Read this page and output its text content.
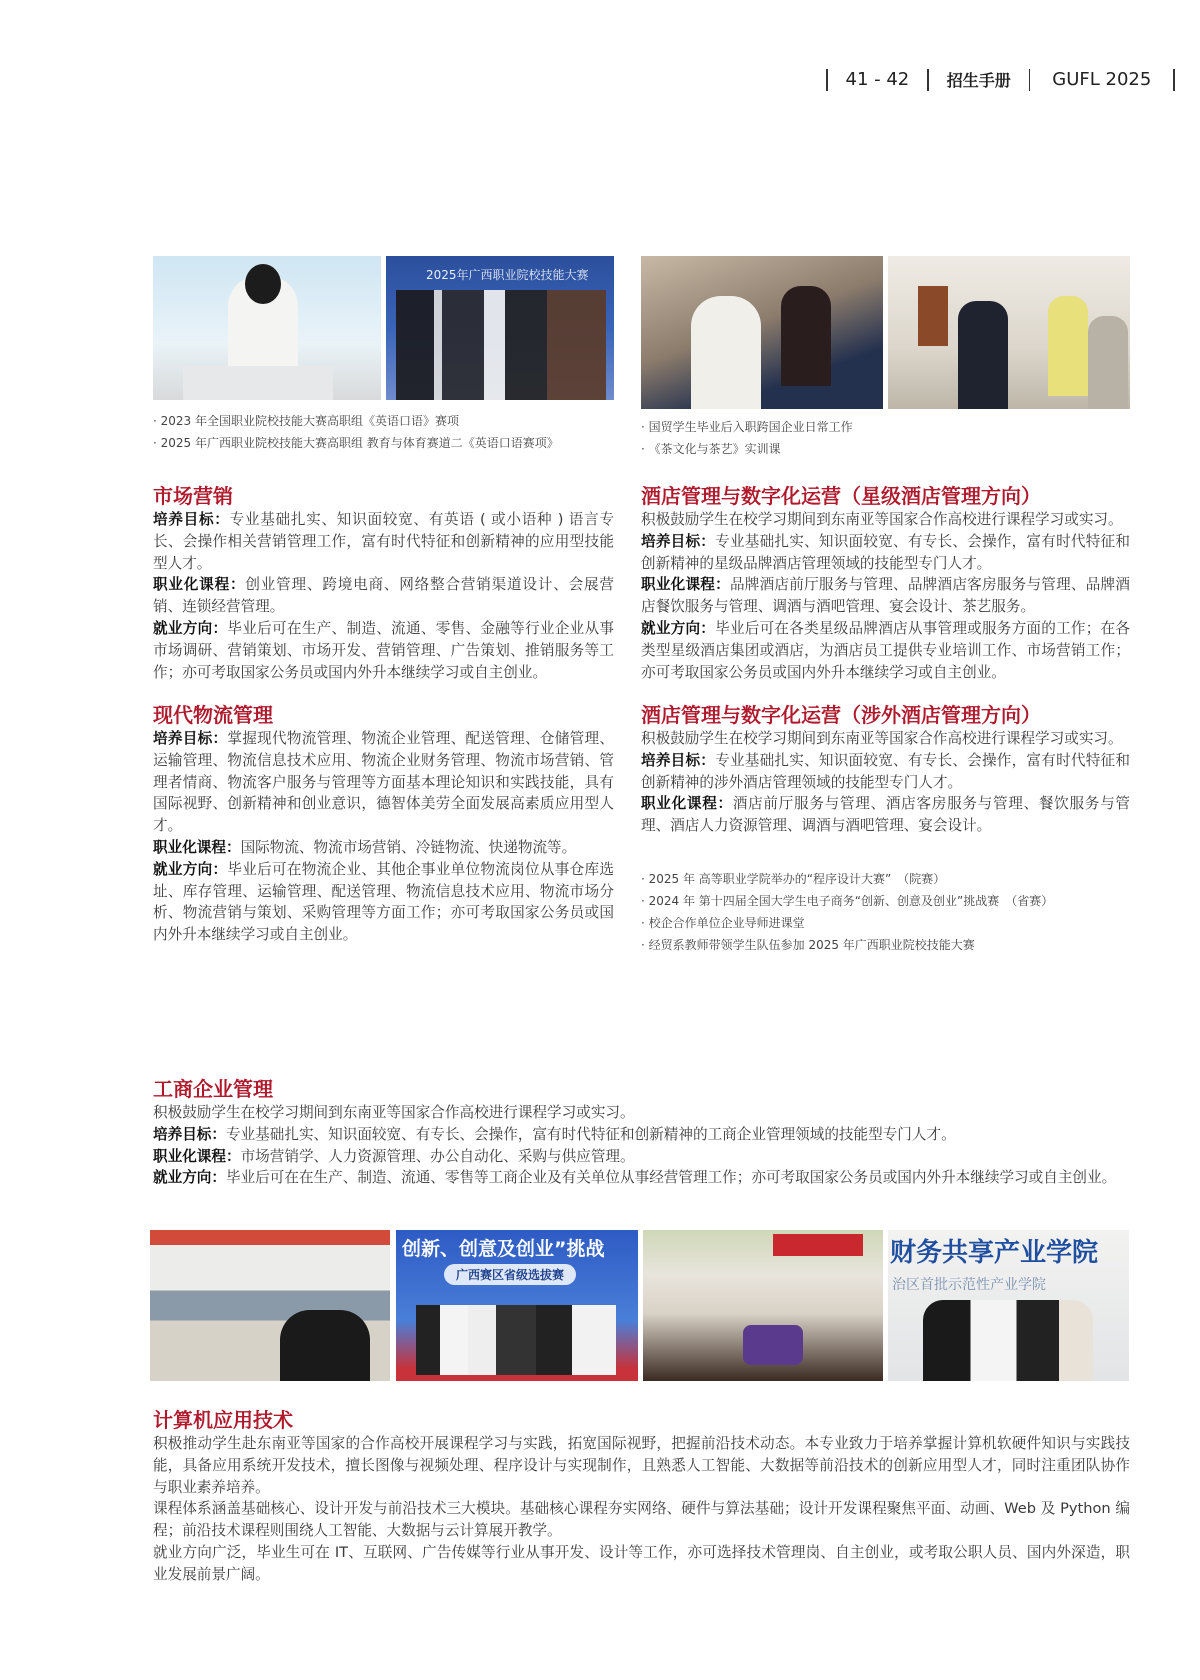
41 - 42	招生手册	GUFL 2025
2025年广西职业院校技能大赛
· 2023 年全国职业院校技能大赛高职组《英语口语》赛项
· 2025 年广西职业院校技能大赛高职组 教育与体育赛道二《英语口语赛项》
· 国贸学生毕业后入职跨国企业日常工作
· 《茶文化与茶艺》实训课
市场营销

培养目标：专业基础扎实、知识面较宽、有英语 ( 或小语种 ) 语言专长、会操作相关营销管理工作，富有时代特征和创新精神的应用型技能型人才。

职业化课程：创业管理、跨境电商、网络整合营销渠道设计、会展营销、连锁经营管理。

就业方向：毕业后可在生产、制造、流通、零售、金融等行业企业从事市场调研、营销策划、市场开发、营销管理、广告策划、推销服务等工作；亦可考取国家公务员或国内外升本继续学习或自主创业。

酒店管理与数字化运营（星级酒店管理方向）

积极鼓励学生在校学习期间到东南亚等国家合作高校进行课程学习或实习。

培养目标：专业基础扎实、知识面较宽、有专长、会操作，富有时代特征和创新精神的星级品牌酒店管理领域的技能型专门人才。

职业化课程：品牌酒店前厅服务与管理、品牌酒店客房服务与管理、品牌酒店餐饮服务与管理、调酒与酒吧管理、宴会设计、茶艺服务。

就业方向：毕业后可在各类星级品牌酒店从事管理或服务方面的工作；在各类型星级酒店集团或酒店，为酒店员工提供专业培训工作、市场营销工作；亦可考取国家公务员或国内外升本继续学习或自主创业。

现代物流管理

培养目标：掌握现代物流管理、物流企业管理、配送管理、仓储管理、运输管理、物流信息技术应用、物流企业财务管理、物流市场营销、管理者情商、物流客户服务与管理等方面基本理论知识和实践技能，具有国际视野、创新精神和创业意识，德智体美劳全面发展高素质应用型人才。

职业化课程：国际物流、物流市场营销、冷链物流、快递物流等。

就业方向：毕业后可在物流企业、其他企事业单位物流岗位从事仓库选址、库存管理、运输管理、配送管理、物流信息技术应用、物流市场分析、物流营销与策划、采购管理等方面工作；亦可考取国家公务员或国内外升本继续学习或自主创业。

酒店管理与数字化运营（涉外酒店管理方向）

积极鼓励学生在校学习期间到东南亚等国家合作高校进行课程学习或实习。

培养目标：专业基础扎实、知识面较宽、有专长、会操作，富有时代特征和创新精神的涉外酒店管理领域的技能型专门人才。

职业化课程：酒店前厅服务与管理、酒店客房服务与管理、餐饮服务与管理、酒店人力资源管理、调酒与酒吧管理、宴会设计。

· 2025 年 高等职业学院举办的“程序设计大赛”　（院赛）
· 2024 年 第十四届全国大学生电子商务“创新、创意及创业”挑战赛　（省赛）
· 校企合作单位企业导师进课堂
· 经贸系教师带领学生队伍参加 2025 年广西职业院校技能大赛
工商企业管理

积极鼓励学生在校学习期间到东南亚等国家合作高校进行课程学习或实习。

培养目标：专业基础扎实、知识面较宽、有专长、会操作，富有时代特征和创新精神的工商企业管理领域的技能型专门人才。

职业化课程：市场营销学、人力资源管理、办公自动化、采购与供应管理。

就业方向：毕业后可在在生产、制造、流通、零售等工商企业及有关单位从事经营管理工作；亦可考取国家公务员或国内外升本继续学习或自主创业。

创新、创意及创业”挑战
广西赛区省级选拔赛
财务共享产业学院
治区首批示范性产业学院
计算机应用技术

积极推动学生赴东南亚等国家的合作高校开展课程学习与实践，拓宽国际视野，把握前沿技术动态。本专业致力于培养掌握计算机软硬件知识与实践技能，具备应用系统开发技术，擅长图像与视频处理、程序设计与实现制作，且熟悉人工智能、大数据等前沿技术的创新应用型人才，同时注重团队协作与职业素养培养。

课程体系涵盖基础核心、设计开发与前沿技术三大模块。基础核心课程夯实网络、硬件与算法基础；设计开发课程聚焦平面、动画、Web 及 Python 编程；前沿技术课程则围绕人工智能、大数据与云计算展开教学。

就业方向广泛，毕业生可在 IT、互联网、广告传媒等行业从事开发、设计等工作，亦可选择技术管理岗、自主创业，或考取公职人员、国内外深造，职业发展前景广阔。
